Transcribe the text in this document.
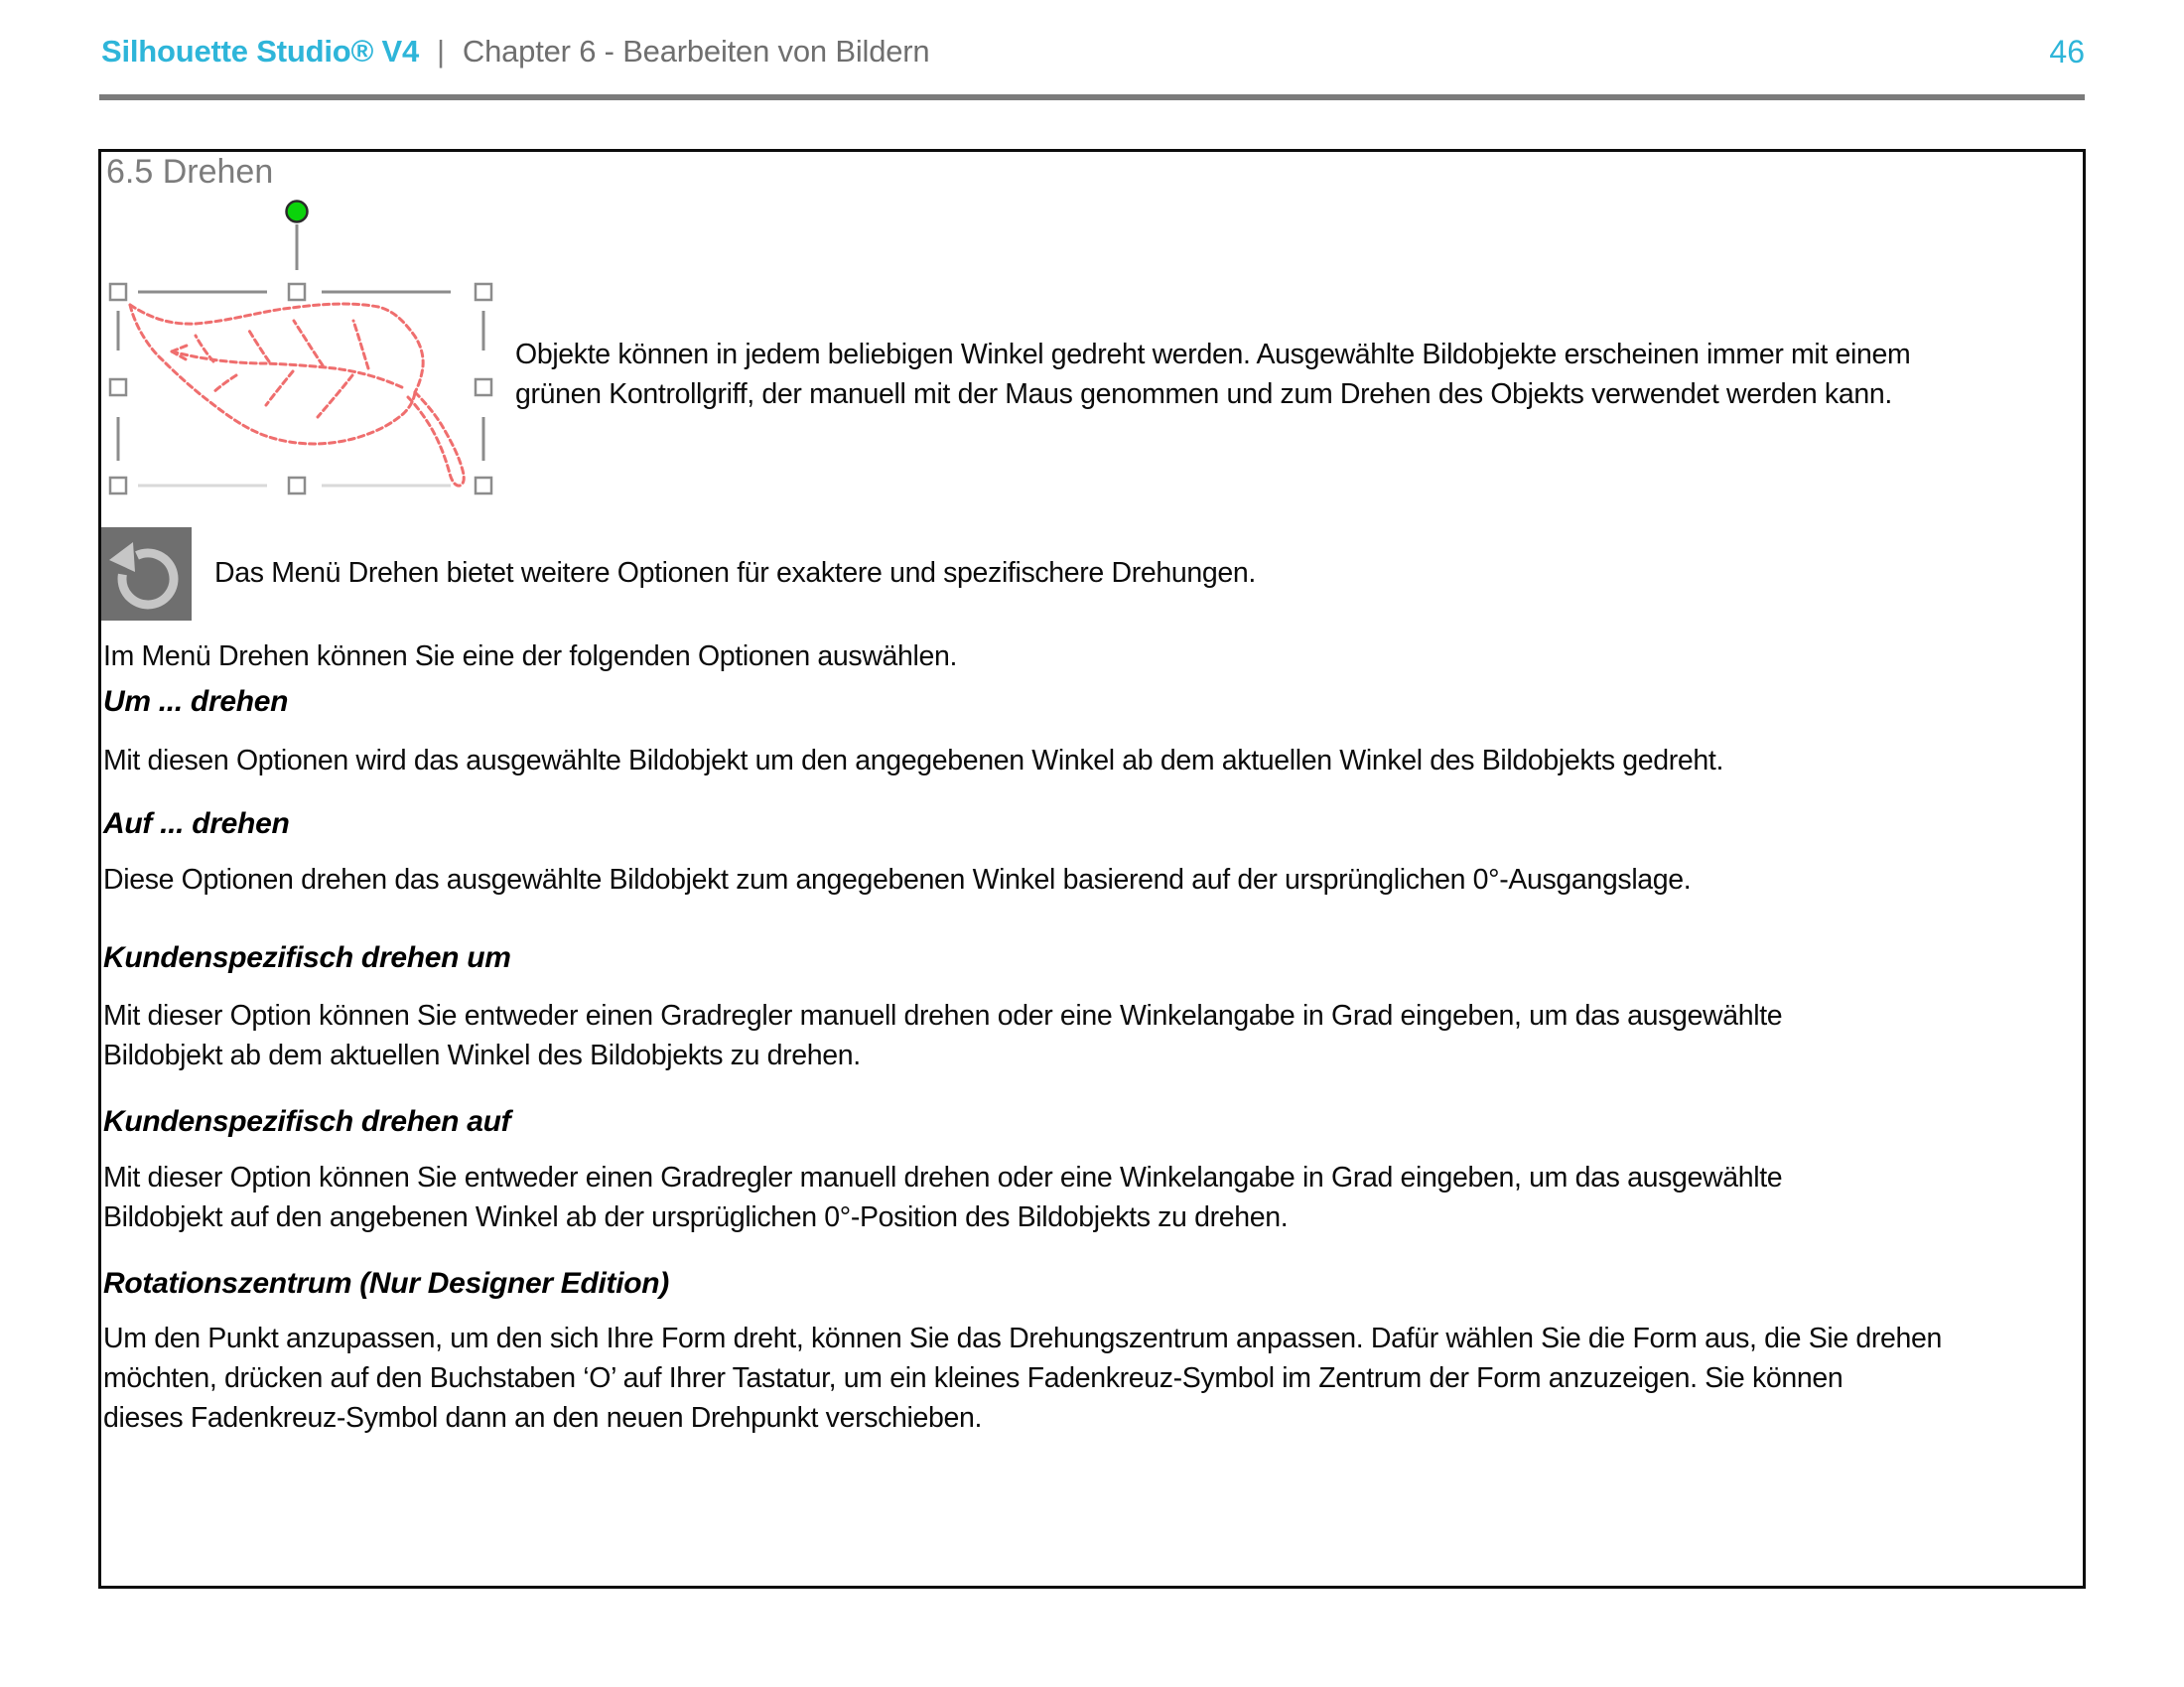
Silhouette Studio® V4 | Chapter 6 - Bearbeiten von Bildern	46
6.5 Drehen
Objekte können in jedem beliebigen Winkel gedreht werden. Ausgewählte Bildobjekte erscheinen immer mit einem
grünen Kontrollgriff, der manuell mit der Maus genommen und zum Drehen des Objekts verwendet werden kann.
Das Menü Drehen bietet weitere Optionen für exaktere und spezifischere Drehungen.
Im Menü Drehen können Sie eine der folgenden Optionen auswählen.
Um ... drehen
Mit diesen Optionen wird das ausgewählte Bildobjekt um den angegebenen Winkel ab dem aktuellen Winkel des Bildobjekts gedreht.
Auf ... drehen
Diese Optionen drehen das ausgewählte Bildobjekt zum angegebenen Winkel basierend auf der ursprünglichen 0°-Ausgangslage.
Kundenspezifisch drehen um
Mit dieser Option können Sie entweder einen Gradregler manuell drehen oder eine Winkelangabe in Grad eingeben, um das ausgewählte
Bildobjekt ab dem aktuellen Winkel des Bildobjekts zu drehen.
Kundenspezifisch drehen auf
Mit dieser Option können Sie entweder einen Gradregler manuell drehen oder eine Winkelangabe in Grad eingeben, um das ausgewählte
Bildobjekt auf den angebenen Winkel ab der ursprüglichen 0°-Position des Bildobjekts zu drehen.
Rotationszentrum (Nur Designer Edition)
Um den Punkt anzupassen, um den sich Ihre Form dreht, können Sie das Drehungszentrum anpassen. Dafür wählen Sie die Form aus, die Sie drehen
möchten, drücken auf den Buchstaben ‘O’ auf Ihrer Tastatur, um ein kleines Fadenkreuz-Symbol im Zentrum der Form anzuzeigen. Sie können
dieses Fadenkreuz-Symbol dann an den neuen Drehpunkt verschieben.
